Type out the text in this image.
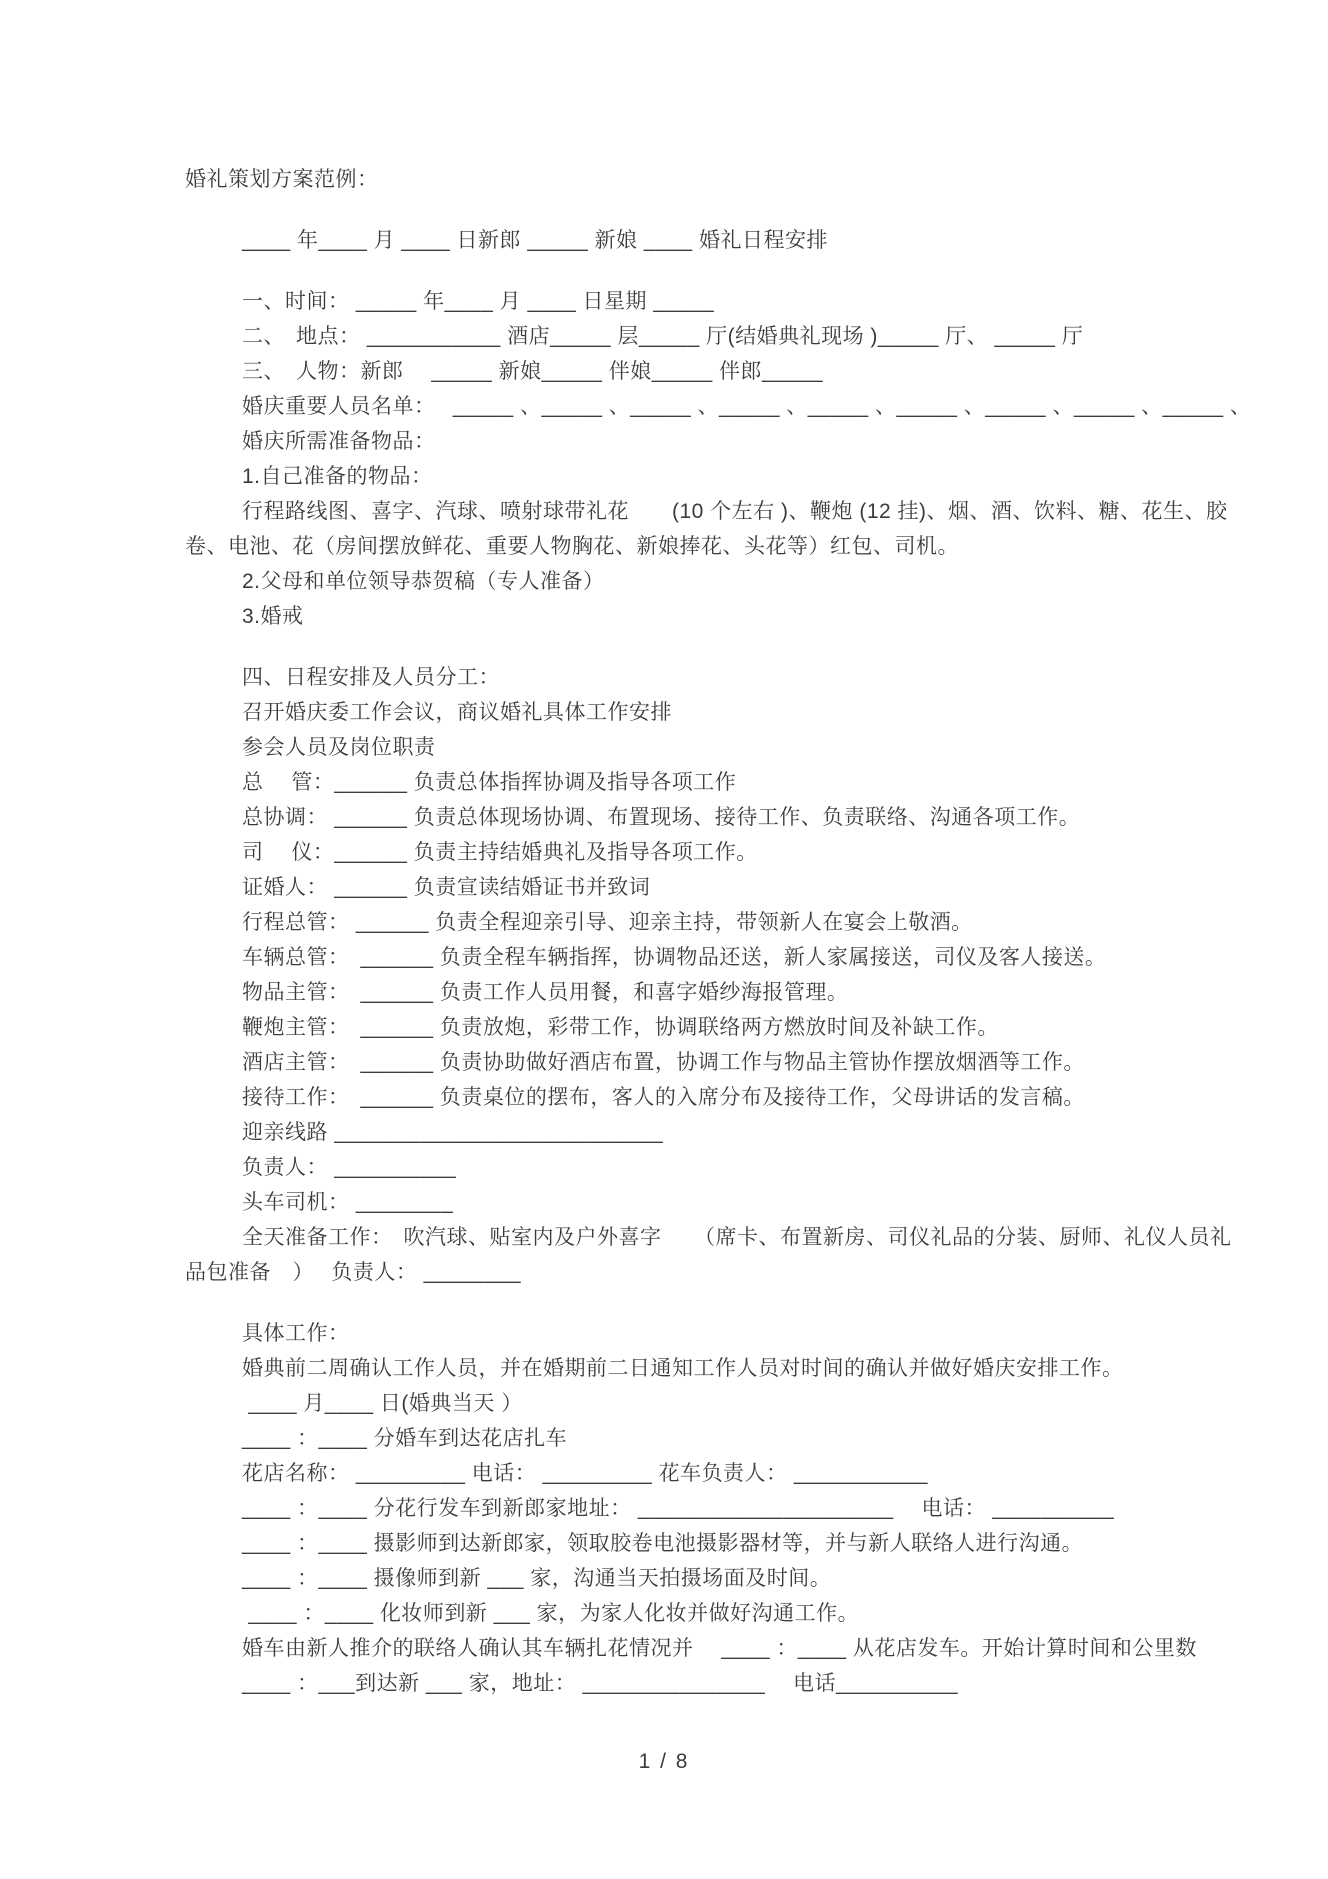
婚礼策划方案范例：
____ 年____ 月 ____ 日新郎 _____ 新娘 ____ 婚礼日程安排
一、时间： _____ 年____ 月 ____ 日星期 _____
二、　地点： ___________ 酒店_____ 层_____ 厅(结婚典礼现场 )_____ 厅、 _____ 厅
三、　人物：新郎　 _____ 新娘_____ 伴娘_____ 伴郎_____
婚庆重要人员名单：　 _____ 、_____ 、_____ 、_____ 、_____ 、_____ 、_____ 、_____ 、_____ 、
婚庆所需准备物品：
1.自己准备的物品：
行程路线图、喜字、汽球、喷射球带礼花　　(10 个左右 )、鞭炮 (12 挂)、烟、酒、饮料、糖、花生、胶
卷、电池、花（房间摆放鲜花、重要人物胸花、新娘捧花、头花等）红包、司机。
2.父母和单位领导恭贺稿（专人准备）
3.婚戒
四、日程安排及人员分工：
召开婚庆委工作会议，商议婚礼具体工作安排
参会人员及岗位职责
总　 管：______ 负责总体指挥协调及指导各项工作
总协调： ______ 负责总体现场协调、布置现场、接待工作、负责联络、沟通各项工作。
司　 仪：______ 负责主持结婚典礼及指导各项工作。
证婚人： ______ 负责宣读结婚证书并致词
行程总管： ______ 负责全程迎亲引导、迎亲主持，带领新人在宴会上敬酒。
车辆总管：　______ 负责全程车辆指挥，协调物品还送，新人家属接送，司仪及客人接送。
物品主管：　______ 负责工作人员用餐，和喜字婚纱海报管理。
鞭炮主管：　______ 负责放炮，彩带工作，协调联络两方燃放时间及补缺工作。
酒店主管：　______ 负责协助做好酒店布置，协调工作与物品主管协作摆放烟酒等工作。
接待工作：　______ 负责桌位的摆布，客人的入席分布及接待工作，父母讲话的发言稿。
迎亲线路 ___________________________
负责人： __________
头车司机： ________
全天准备工作：　吹汽球、贴室内及户外喜字　　（席卡、布置新房、司仪礼品的分装、厨师、礼仪人员礼
品包准备　）　 负责人： ________
具体工作：
婚典前二周确认工作人员，并在婚期前二日通知工作人员对时间的确认并做好婚庆安排工作。
____ 月____ 日(婚典当天 ）
____ ：____ 分婚车到达花店扎车
花店名称： _________ 电话： _________ 花车负责人： ___________
____ ：____ 分花行发车到新郎家地址： _____________________　 电话： __________
____ ：____ 摄影师到达新郎家，领取胶卷电池摄影器材等，并与新人联络人进行沟通。
____ ：____ 摄像师到新 ___ 家，沟通当天拍摄场面及时间。
____ ：____ 化妆师到新 ___ 家，为家人化妆并做好沟通工作。
婚车由新人推介的联络人确认其车辆扎花情况并　 ____ ：____ 从花店发车。开始计算时间和公里数
____ ：___到达新 ___ 家，地址： _______________　 电话__________
1 / 8
